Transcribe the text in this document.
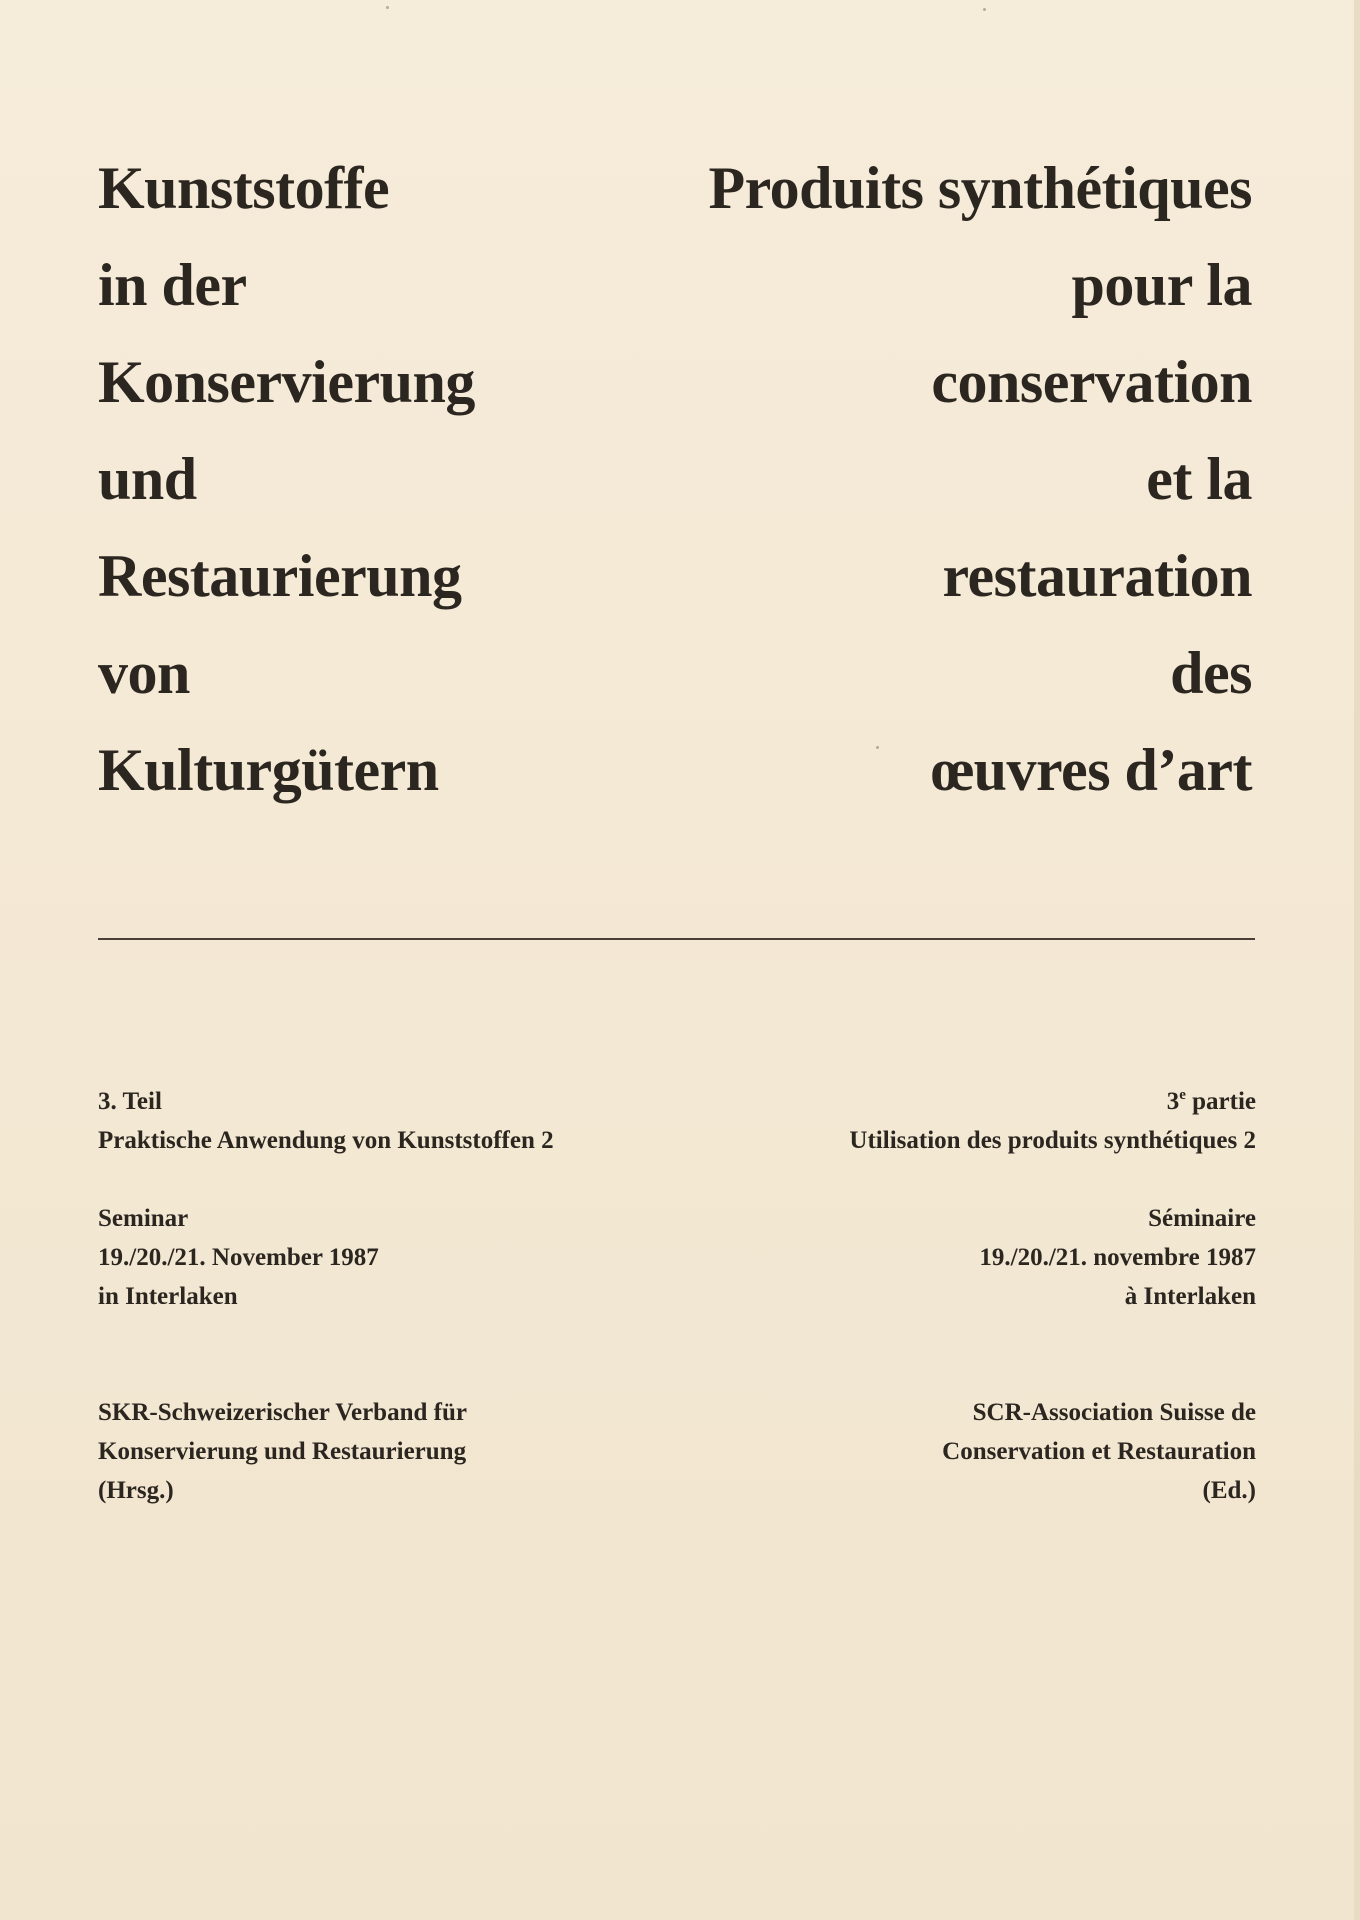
Kunststoffe
in der
Konservierung
und
Restaurierung
von
Kulturgütern
Produits synthétiques
pour la
conservation
et la
restauration
des
œuvres d’art
3. Teil
Praktische Anwendung von Kunststoffen 2
3e partie
Utilisation des produits synthétiques 2
Seminar
19./20./21. November 1987
in Interlaken
Séminaire
19./20./21. novembre 1987
à Interlaken
SKR-Schweizerischer Verband für
Konservierung und Restaurierung
(Hrsg.)
SCR-Association Suisse de
Conservation et Restauration
(Ed.)
